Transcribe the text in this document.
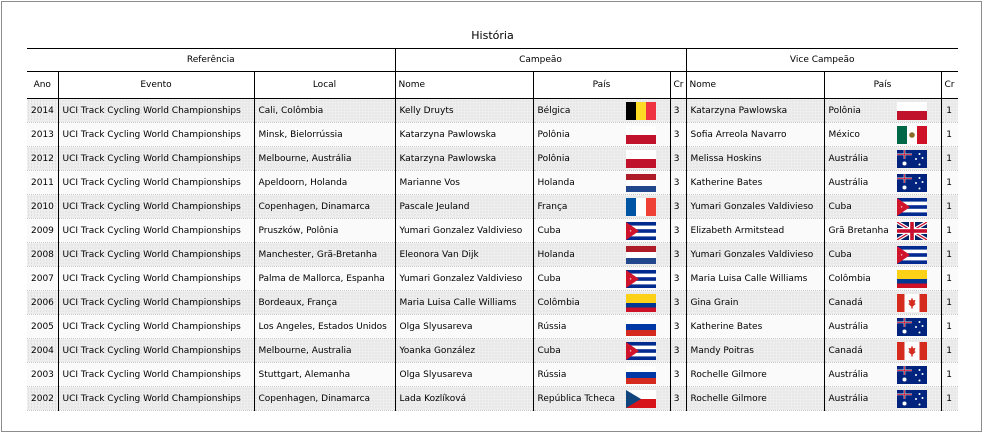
História
Referência			Campeão			Vice Campeão		
Ano	Evento	Local	Nome	País	Cr	Nome	País	Cr
2014	UCI Track Cycling World Championships	Cali, Colômbia	Kelly Druyts	Bélgica	3	Katarzyna Pawlowska	Polônia	1
2013	UCI Track Cycling World Championships	Minsk, Bielorrússia	Katarzyna Pawlowska	Polônia	3	Sofia Arreola Navarro	México	1
2012	UCI Track Cycling World Championships	Melbourne, Austrália	Katarzyna Pawlowska	Polônia	3	Melissa Hoskins	Austrália	1
2011	UCI Track Cycling World Championships	Apeldoorn, Holanda	Marianne Vos	Holanda	3	Katherine Bates	Austrália	1
2010	UCI Track Cycling World Championships	Copenhagen, Dinamarca	Pascale Jeuland	França	3	Yumari Gonzales Valdivieso	Cuba	1
2009	UCI Track Cycling World Championships	Pruszków, Polônia	Yumari Gonzalez Valdivieso	Cuba	3	Elizabeth Armitstead	Grã Bretanha	1
2008	UCI Track Cycling World Championships	Manchester, Grã-Bretanha	Eleonora Van Dijk	Holanda	3	Yumari Gonzales Valdivieso	Cuba	1
2007	UCI Track Cycling World Championships	Palma de Mallorca, Espanha	Yumari Gonzalez Valdivieso	Cuba	3	Maria Luisa Calle Williams	Colômbia	1
2006	UCI Track Cycling World Championships	Bordeaux, França	Maria Luisa Calle Williams	Colômbia	3	Gina Grain	Canadá	1
2005	UCI Track Cycling World Championships	Los Angeles, Estados Unidos	Olga Slyusareva	Rússia	3	Katherine Bates	Austrália	1
2004	UCI Track Cycling World Championships	Melbourne, Australia	Yoanka González	Cuba	3	Mandy Poitras	Canadá	1
2003	UCI Track Cycling World Championships	Stuttgart, Alemanha	Olga Slyusareva	Rússia	3	Rochelle Gilmore	Austrália	1
2002	UCI Track Cycling World Championships	Copenhagen, Dinamarca	Lada Kozlíková	República Tcheca	3	Rochelle Gilmore	Austrália	1
